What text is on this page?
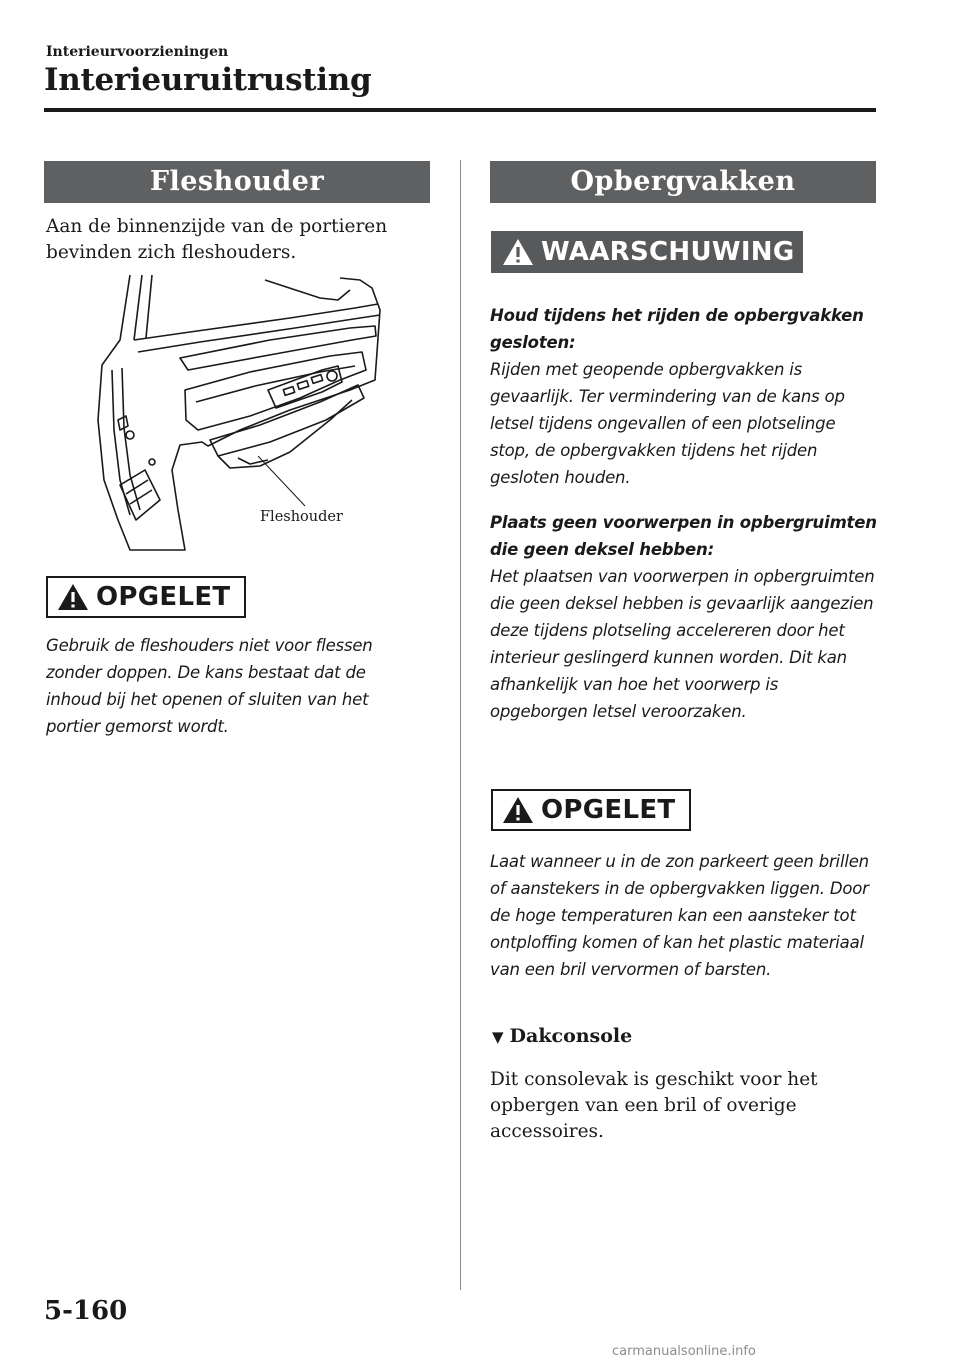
Interieurvoorzieningen
Interieuruitrusting
Fleshouder
Aan de binnenzijde van de portieren bevinden zich fleshouders.
Fleshouder
OPGELET
Gebruik de fleshouders niet voor flessen zonder doppen. De kans bestaat dat de inhoud bij het openen of sluiten van het portier gemorst wordt.
Opbergvakken
WAARSCHUWING

Houd tijdens het rijden de opbergvakken gesloten:

Rijden met geopende opbergvakken is gevaarlijk. Ter vermindering van de kans op letsel tijdens ongevallen of een plotselinge stop, de opbergvakken tijdens het rijden gesloten houden.

Plaats geen voorwerpen in opbergruimten die geen deksel hebben:

Het plaatsen van voorwerpen in opbergruimten die geen deksel hebben is gevaarlijk aangezien deze tijdens plotseling accelereren door het interieur geslingerd kunnen worden. Dit kan afhankelijk van hoe het voorwerp is opgeborgen letsel veroorzaken.

OPGELET
Laat wanneer u in de zon parkeert geen brillen of aanstekers in de opbergvakken liggen. Door de hoge temperaturen kan een aansteker tot ontploffing komen of kan het plastic materiaal van een bril vervormen of barsten.
▼ Dakconsole
Dit consolevak is geschikt voor het opbergen van een bril of overige accessoires.
5-160
carmanualsonline.info
